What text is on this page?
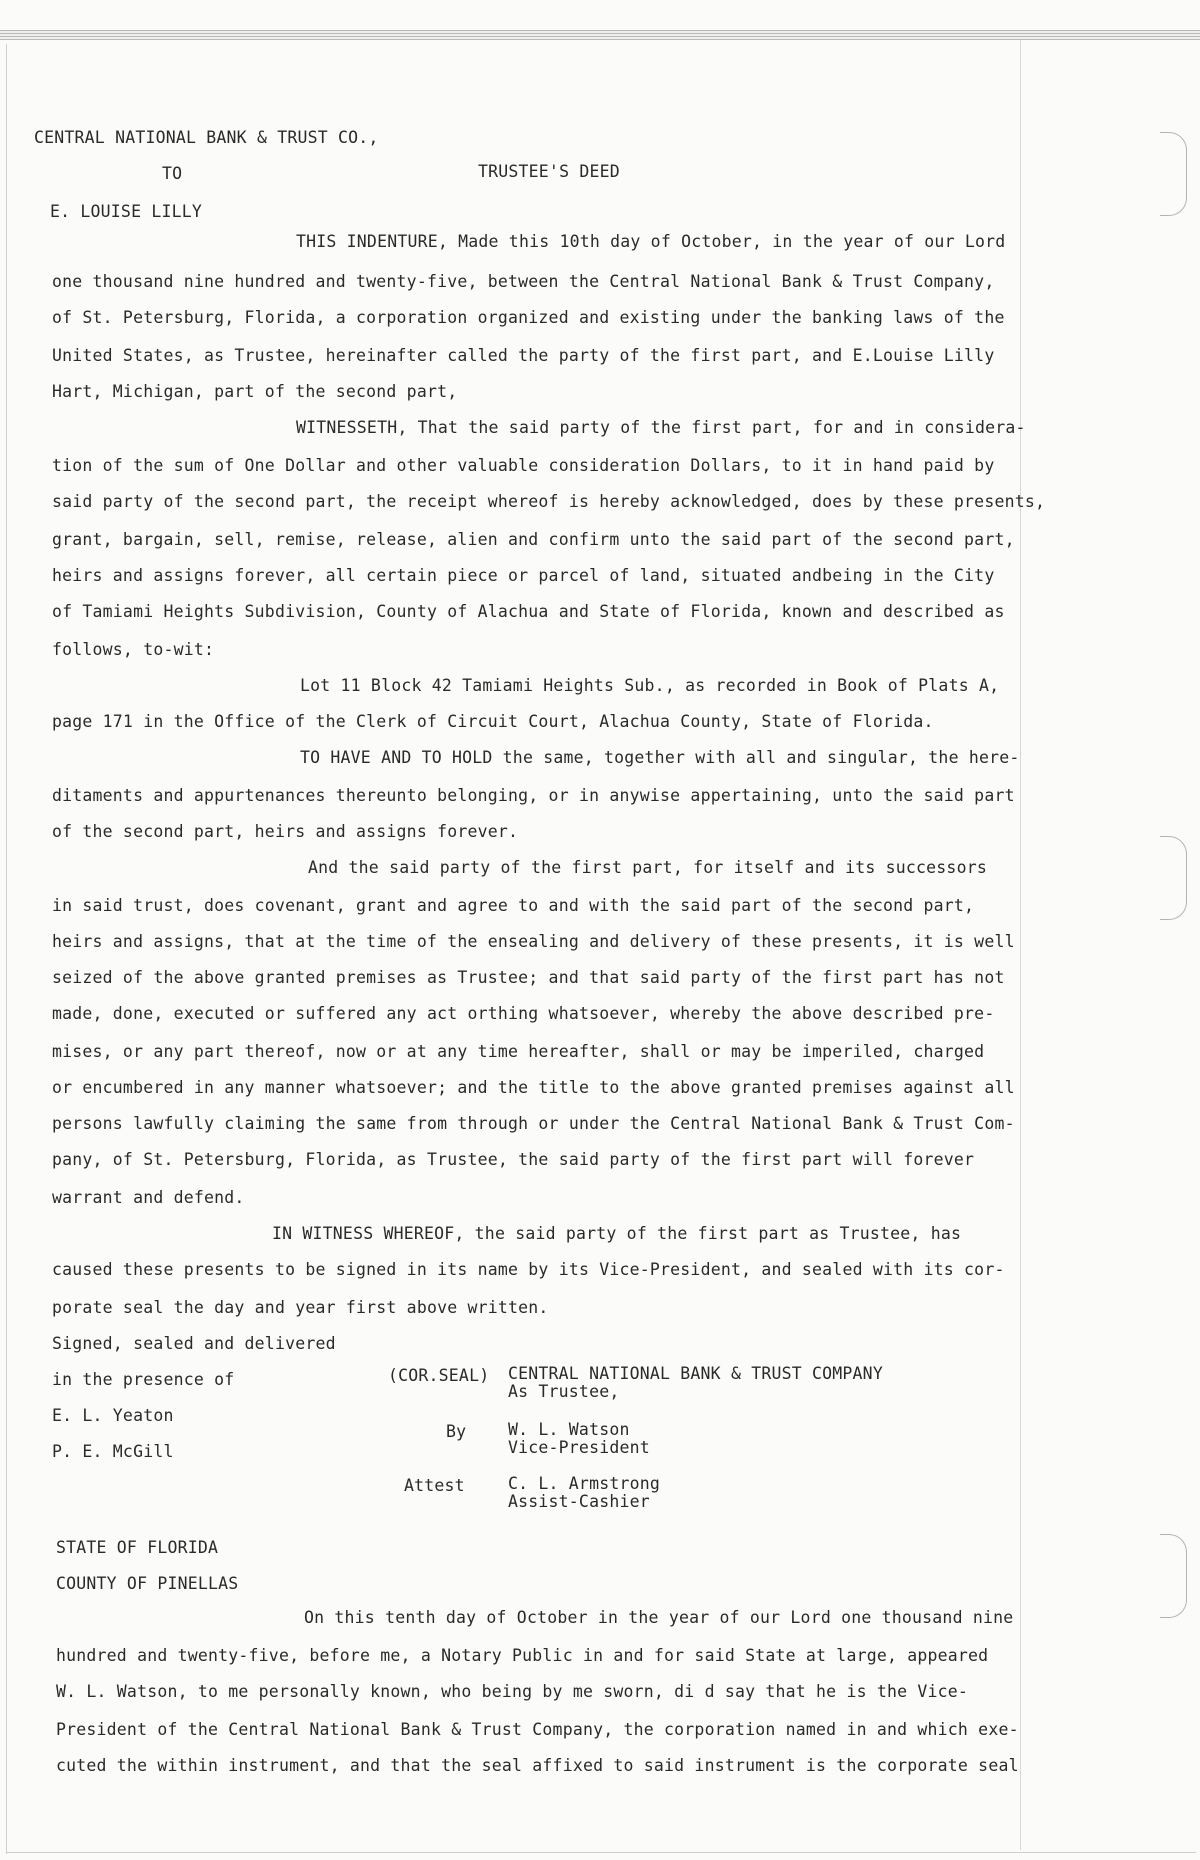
CENTRAL NATIONAL BANK & TRUST CO.,
TO	TRUSTEE'S DEED
E. LOUISE LILLY
THIS INDENTURE, Made this 10th day of October, in the year of our Lord
one thousand nine hundred and twenty-five, between the Central National Bank & Trust Company,
of St. Petersburg, Florida, a corporation organized and existing under the banking laws of the
United States, as Trustee, hereinafter called the party of the first part, and E.Louise Lilly
Hart, Michigan, part of the second part,
WITNESSETH, That the said party of the first part, for and in considera-
tion of the sum of One Dollar and other valuable consideration Dollars, to it in hand paid by
said party of the second part, the receipt whereof is hereby acknowledged, does by these presents,
grant, bargain, sell, remise, release, alien and confirm unto the said part of the second part,
heirs and assigns forever, all certain piece or parcel of land, situated andbeing in the City
of Tamiami Heights Subdivision, County of Alachua and State of Florida, known and described as
follows, to-wit:
Lot 11 Block 42 Tamiami Heights Sub., as recorded in Book of Plats A,
page 171 in the Office of the Clerk of Circuit Court, Alachua County, State of Florida.
TO HAVE AND TO HOLD the same, together with all and singular, the here-
ditaments and appurtenances thereunto belonging, or in anywise appertaining, unto the said part
of the second part, heirs and assigns forever.
And the said party of the first part, for itself and its successors
in said trust, does covenant, grant and agree to and with the said part of the second part,
heirs and assigns, that at the time of the ensealing and delivery of these presents, it is well
seized of the above granted premises as Trustee; and that said party of the first part has not
made, done, executed or suffered any act orthing whatsoever, whereby the above described pre-
mises, or any part thereof, now or at any time hereafter, shall or may be imperiled, charged
or encumbered in any manner whatsoever; and the title to the above granted premises against all
persons lawfully claiming the same from through or under the Central National Bank & Trust Com-
pany, of St. Petersburg, Florida, as Trustee, the said party of the first part will forever
warrant and defend.
IN WITNESS WHEREOF, the said party of the first part as Trustee, has
caused these presents to be signed in its name by its Vice-President, and sealed with its cor-
porate seal the day and year first above written.
Signed, sealed and delivered
in the presence of	(COR.SEAL) CENTRAL NATIONAL BANK & TRUST COMPANY
As Trustee,
E. L. Yeaton
By	W. L. Watson
Vice-President
P. E. McGill
Attest	C. L. Armstrong
Assist-Cashier
STATE OF FLORIDA
COUNTY OF PINELLAS
On this tenth day of October in the year of our Lord one thousand nine
hundred and twenty-five, before me, a Notary Public in and for said State at large, appeared
W. L. Watson, to me personally known, who being by me sworn, di d say that he is the Vice-
President of the Central National Bank & Trust Company, the corporation named in and which exe-
cuted the within instrument, and that the seal affixed to said instrument is the corporate seal
